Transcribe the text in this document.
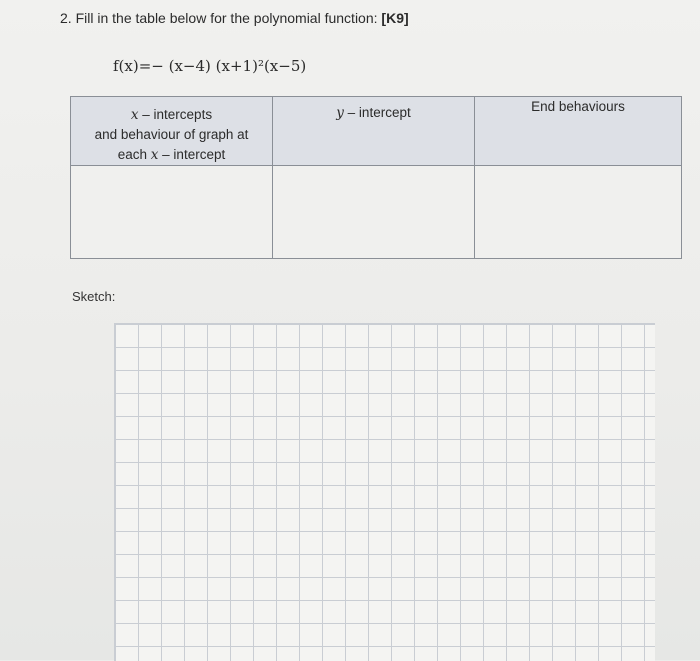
2. Fill in the table below for the polynomial function: [K9]
f(x)=− (x−4) (x+1)²(x−5)
x – intercepts
and behaviour of graph at
each x – intercept	y – intercept	End behaviours

Sketch:
